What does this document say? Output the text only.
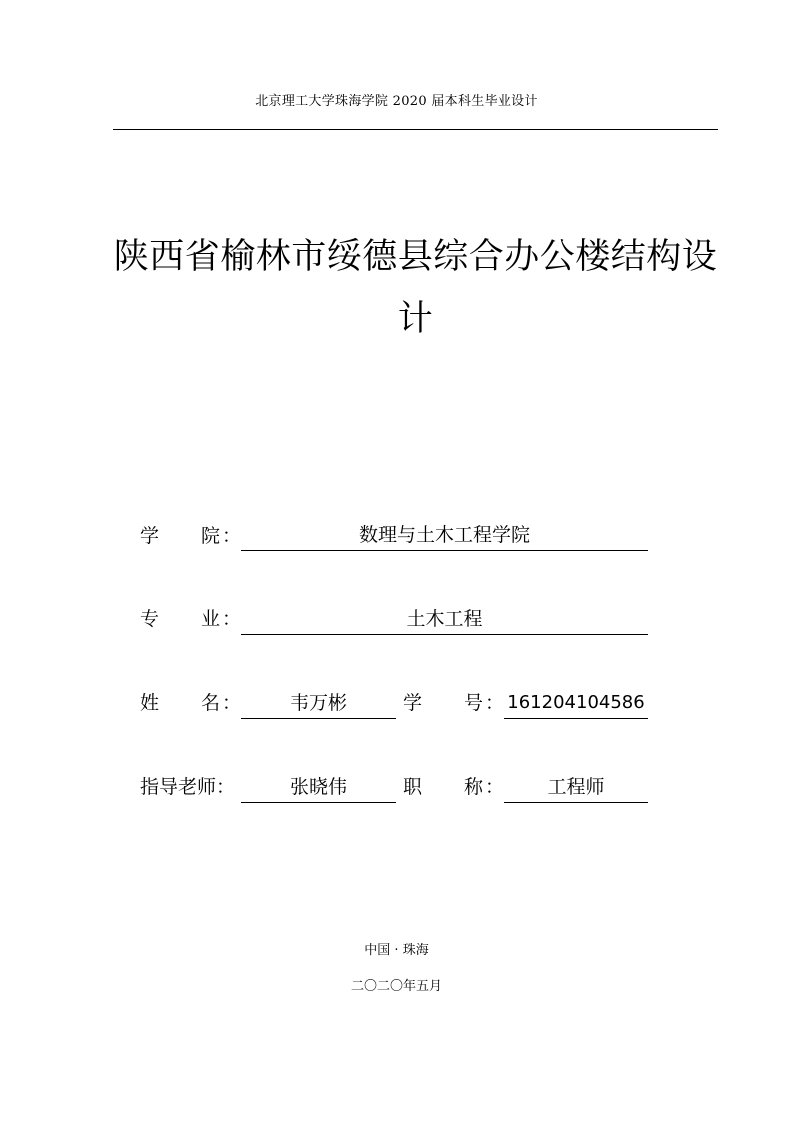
北京理工大学珠海学院 2020 届本科生毕业设计
陕西省榆林市绥德县综合办公楼结构设计
学 院 ：	数理与土木工程学院
专 业 ：	土木工程
姓 名 ：	韦万彬	学 号 ： 161204104586
指导老师：	张晓伟	职 称 ：	工程师
中国 · 珠海
二〇二〇年五月
